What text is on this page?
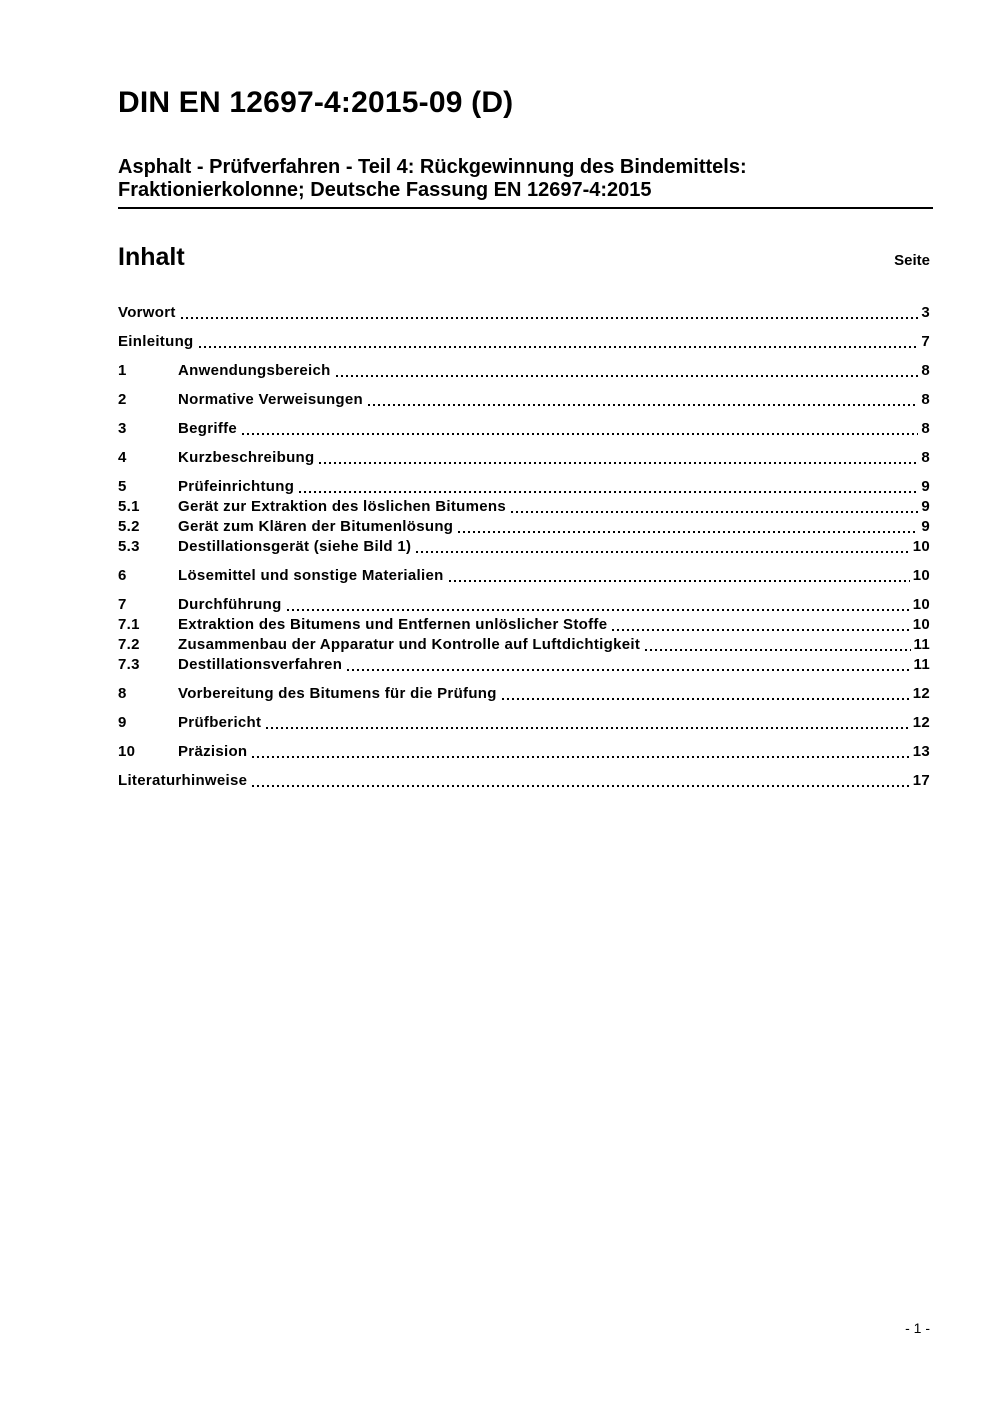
DIN EN 12697-4:2015-09 (D)
Asphalt - Prüfverfahren - Teil 4: Rückgewinnung des Bindemittels:
Fraktionierkolonne; Deutsche Fassung EN 12697-4:2015
Inhalt	Seite
Vorwort	3
Einleitung	7
1	Anwendungsbereich	8
2	Normative Verweisungen	8
3	Begriffe	8
4	Kurzbeschreibung	8
5	Prüfeinrichtung	9
5.1	Gerät zur Extraktion des löslichen Bitumens	9
5.2	Gerät zum Klären der Bitumenlösung	9
5.3	Destillationsgerät (siehe Bild 1)	10
6	Lösemittel und sonstige Materialien	10
7	Durchführung	10
7.1	Extraktion des Bitumens und Entfernen unlöslicher Stoffe	10
7.2	Zusammenbau der Apparatur und Kontrolle auf Luftdichtigkeit	11
7.3	Destillationsverfahren	11
8	Vorbereitung des Bitumens für die Prüfung	12
9	Prüfbericht	12
10	Präzision	13
Literaturhinweise	17
- 1 -
